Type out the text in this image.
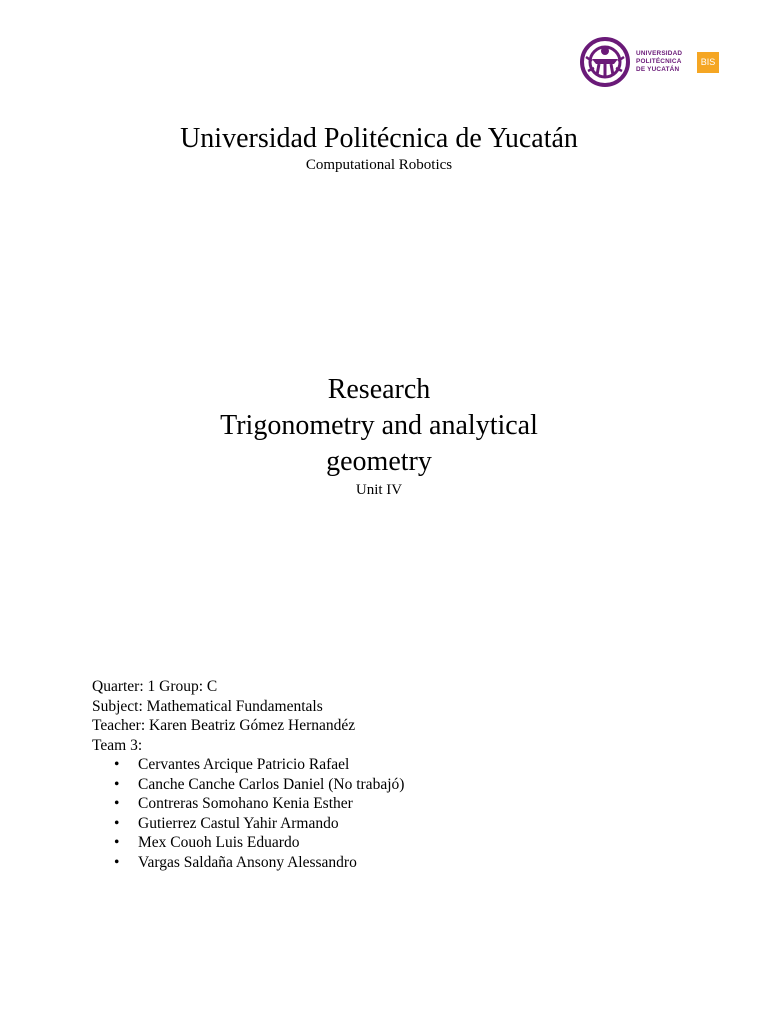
UNIVERSIDAD
POLITÉCNICA
DE YUCATÁN
BIS
Universidad Politécnica de Yucatán
Computational Robotics
Research
Trigonometry and analytical
geometry
Unit IV
Quarter: 1 Group: C
Subject: Mathematical Fundamentals
Teacher: Karen Beatriz Gómez Hernandéz
Team 3:
• Cervantes Arcique Patricio Rafael
• Canche Canche Carlos Daniel (No trabajó)
• Contreras Somohano Kenia Esther
• Gutierrez Castul Yahir Armando
• Mex Couoh Luis Eduardo
• Vargas Saldaña Ansony Alessandro
